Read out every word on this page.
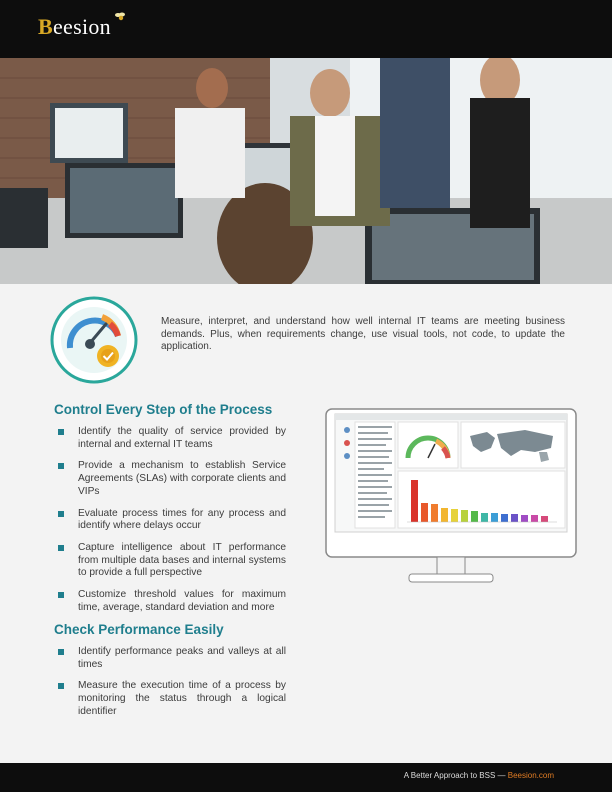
Beesion
Measure, interpret, and understand how well internal IT teams are meeting business demands. Plus, when requirements change, use visual tools, not code, to update the application.
Control Every Step of the Process
Identify the quality of service provided by internal and external IT teams
Provide a mechanism to establish Service Agreements (SLAs) with corporate clients and VIPs
Evaluate process times for any process and identify where delays occur
Capture intelligence about IT performance from multiple data bases and internal systems to provide a full perspective
Customize threshold values for maximum time, average, standard deviation and more
Check Performance Easily
Identify performance peaks and valleys at all times
Measure the execution time of a process by monitoring the status through a logical identifier
A Better Approach to BSS — Beesion.com
